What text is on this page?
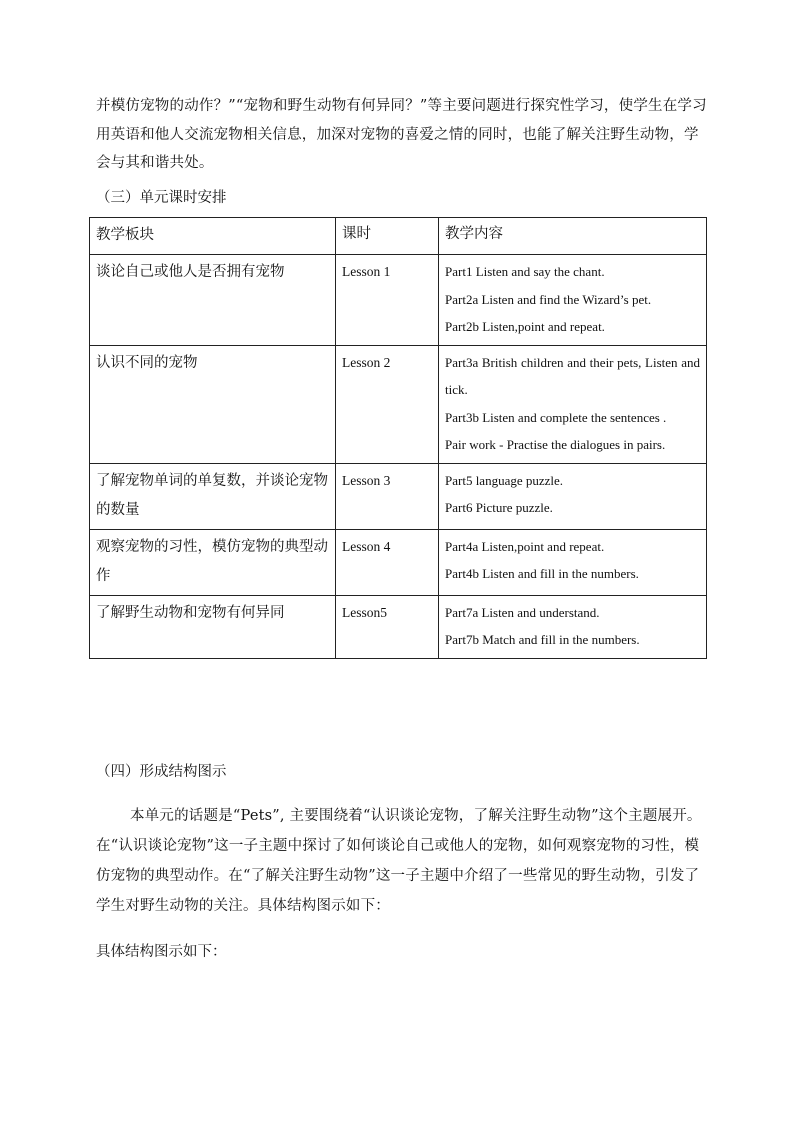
并模仿宠物的动作？”“宠物和野生动物有何异同？”等主要问题进行探究性学习，使学生在学习用英语和他人交流宠物相关信息，加深对宠物的喜爱之情的同时，也能了解关注野生动物，学会与其和谐共处。
（三）单元课时安排
教学板块	课时	教学内容
谈论自己或他人是否拥有宠物	Lesson 1	Part1 Listen and say the chant.
Part2a Listen and find the Wizard’s pet.
Part2b Listen,point and repeat.

认识不同的宠物	Lesson 2	Part3a British children and their pets, Listen and tick.
Part3b Listen and complete the sentences .
Pair work - Practise the dialogues in pairs.

了解宠物单词的单复数，并谈论宠物的数量	Lesson 3	Part5 language puzzle.
Part6 Picture puzzle.

观察宠物的习性，模仿宠物的典型动作	Lesson 4	Part4a Listen,point and repeat.
Part4b Listen and fill in the numbers.

了解野生动物和宠物有何异同	Lesson5	Part7a Listen and understand.
Part7b Match and fill in the numbers.
（四）形成结构图示
本单元的话题是“Pets”, 主要围绕着“认识谈论宠物，了解关注野生动物”这个主题展开。在“认识谈论宠物”这一子主题中探讨了如何谈论自己或他人的宠物，如何观察宠物的习性，模仿宠物的典型动作。在“了解关注野生动物”这一子主题中介绍了一些常见的野生动物，引发了学生对野生动物的关注。具体结构图示如下：
具体结构图示如下：
